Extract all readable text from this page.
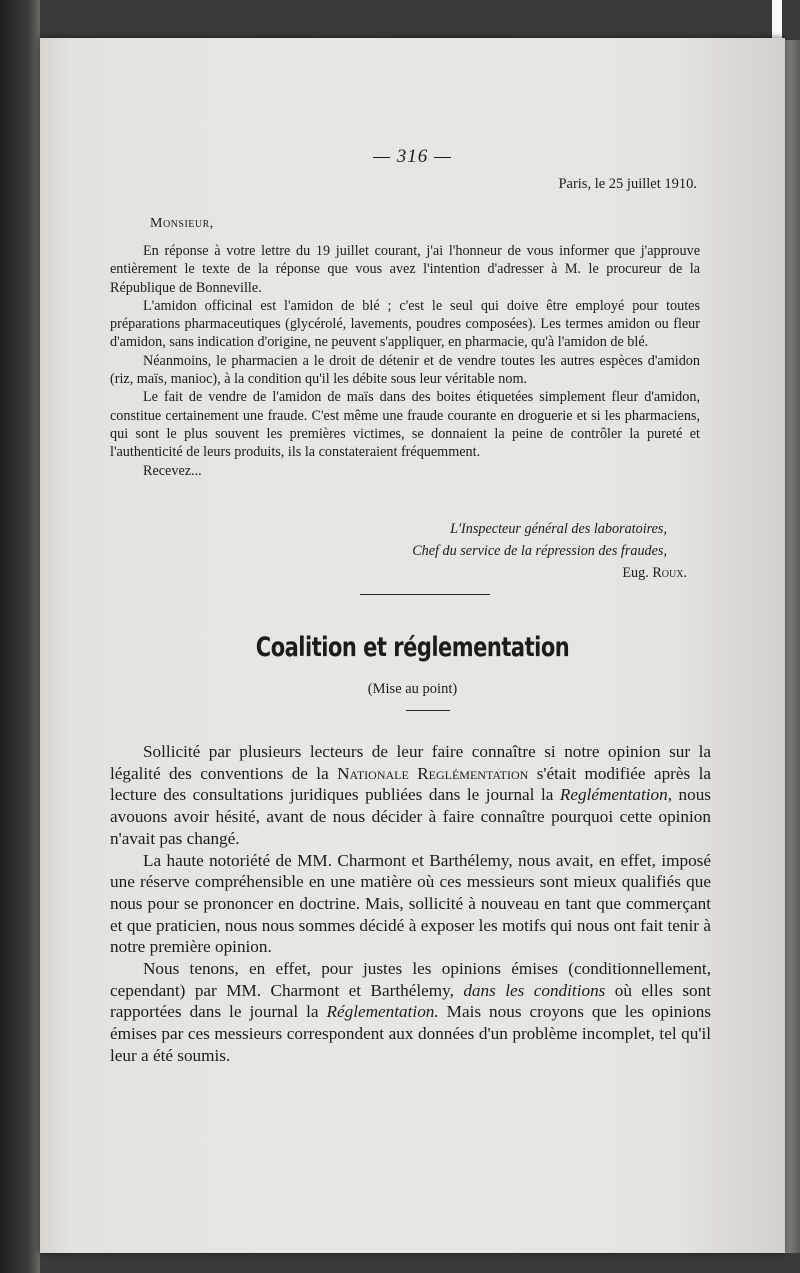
— 316 —
Paris, le 25 juillet 1910.
Monsieur,

En réponse à votre lettre du 19 juillet courant, j'ai l'honneur de vous informer que j'approuve entièrement le texte de la réponse que vous avez l'intention d'adresser à M. le procureur de la République de Bonneville.

L'amidon officinal est l'amidon de blé ; c'est le seul qui doive être employé pour toutes préparations pharmaceutiques (glycérolé, lavements, poudres composées). Les termes amidon ou fleur d'amidon, sans indication d'origine, ne peuvent s'appliquer, en pharmacie, qu'à l'amidon de blé.

Néanmoins, le pharmacien a le droit de détenir et de vendre toutes les autres espèces d'amidon (riz, maïs, manioc), à la condition qu'il les débite sous leur véritable nom.

Le fait de vendre de l'amidon de maïs dans des boites étiquetées simplement fleur d'amidon, constitue certainement une fraude. C'est même une fraude courante en droguerie et si les pharmaciens, qui sont le plus souvent les premières victimes, se donnaient la peine de contrôler la pureté et l'authenticité de leurs produits, ils la constateraient fréquemment.

Recevez...

L'Inspecteur général des laboratoires,
Chef du service de la répression des fraudes,
Eug. Roux.
Coalition et réglementation
(Mise au point)

Sollicité par plusieurs lecteurs de leur faire connaître si notre opinion sur la légalité des conventions de la Nationale Reglémentation s'était modifiée après la lecture des consultations juridiques publiées dans le journal la Reglémentation, nous avouons avoir hésité, avant de nous décider à faire connaître pourquoi cette opinion n'avait pas changé.

La haute notoriété de MM. Charmont et Barthélemy, nous avait, en effet, imposé une réserve compréhensible en une matière où ces messieurs sont mieux qualifiés que nous pour se prononcer en doctrine. Mais, sollicité à nouveau en tant que commerçant et que praticien, nous nous sommes décidé à exposer les motifs qui nous ont fait tenir à notre première opinion.

Nous tenons, en effet, pour justes les opinions émises (conditionnellement, cependant) par MM. Charmont et Barthélemy, dans les conditions où elles sont rapportées dans le journal la Réglementation. Mais nous croyons que les opinions émises par ces messieurs correspondent aux données d'un problème incomplet, tel qu'il leur a été soumis.
